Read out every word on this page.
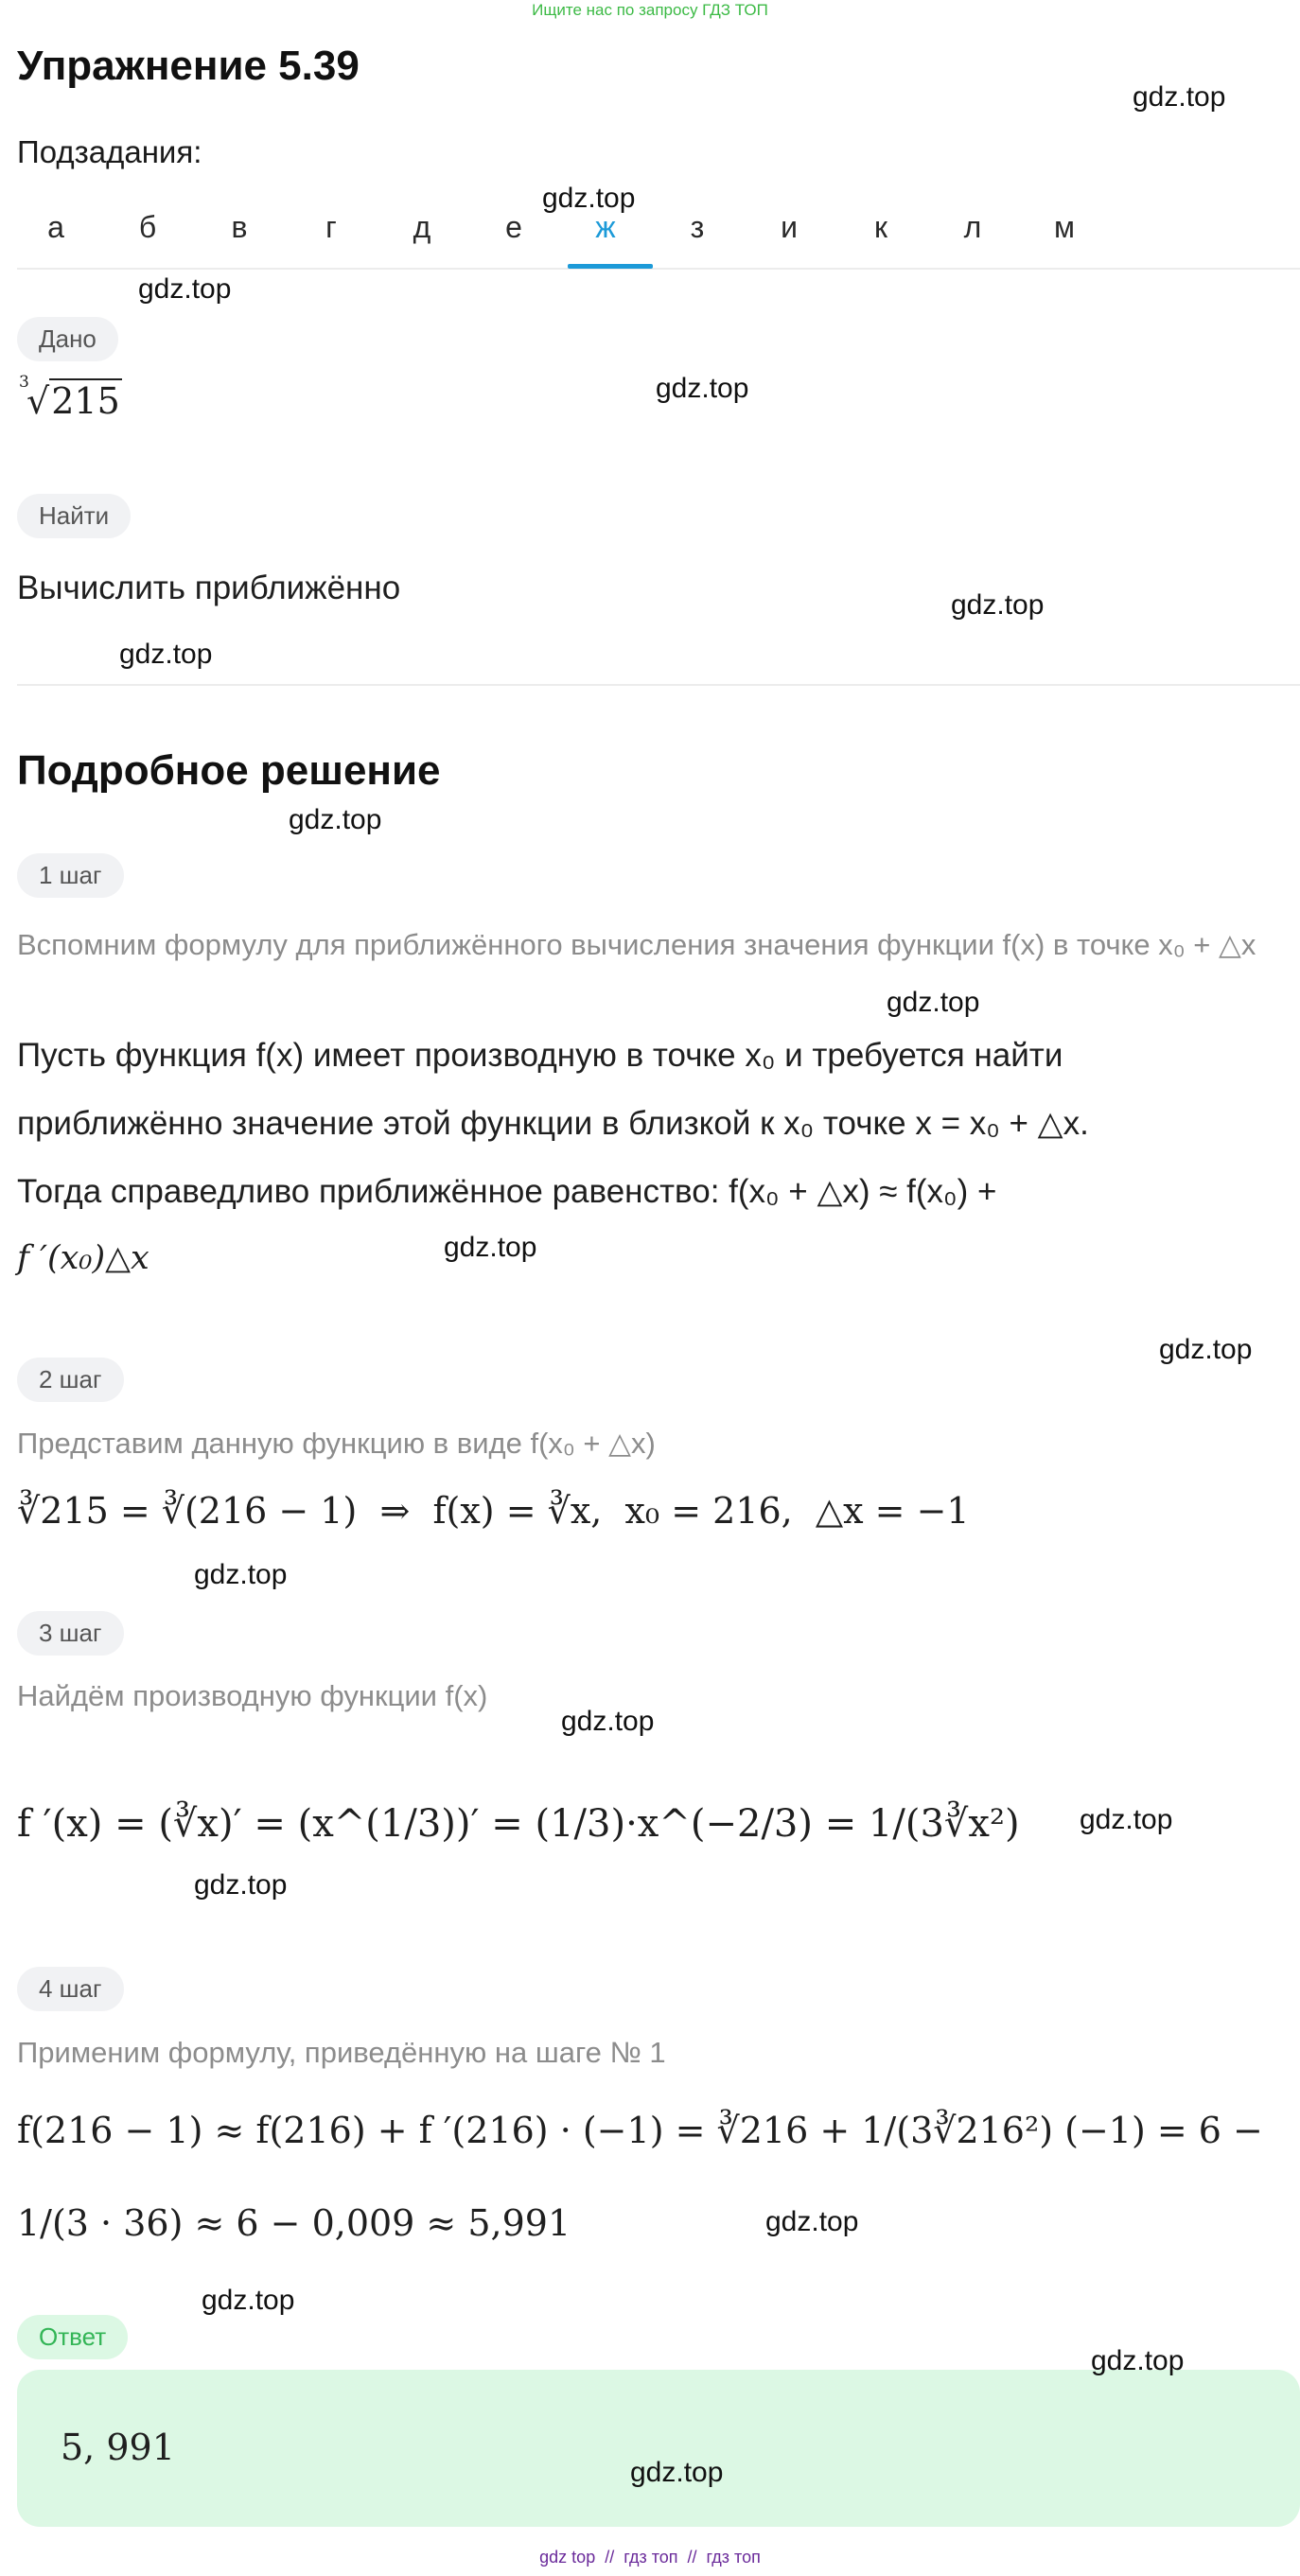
Ищите нас по запросу ГДЗ ТОП
Упражнение 5.39
Подзадания:
а	б	в	г	д	е	ж	з	и	к	л	м
Дано
3
√215
Найти
Вычислить приближённо
Подробное решение
1 шаг
Вспомним формулу для приближённого вычисления значения функции f(x) в точке x₀ + △x
Пусть функция f(x) имеет производную в точке x₀ и требуется найти
приближённо значение этой функции в близкой к x₀ точке x = x₀ + △x.
Тогда справедливо приближённое равенство: f(x₀ + △x) ≈ f(x₀) +
f ′(x₀)△x
2 шаг
Представим данную функцию в виде f(x₀ + △x)
∛215 = ∛(216 − 1)  ⇒  f(x) = ∛x,  x₀ = 216,  △x = −1
3 шаг
Найдём производную функции f(x)
f ′(x) = (∛x)′ = (x^(1/3))′ = (1/3)·x^(−2/3) = 1/(3∛x²)
4 шаг
Применим формулу, приведённую на шаге № 1
f(216 − 1) ≈ f(216) + f ′(216) · (−1) = ∛216 + 1/(3∛216²) (−1) = 6 −
1/(3 · 36) ≈ 6 − 0,009 ≈ 5,991
Ответ
5, 991
gdz.top
gdz.top
gdz.top
gdz.top
gdz.top
gdz.top
gdz.top
gdz.top
gdz.top
gdz.top
gdz.top
gdz.top
gdz.top
gdz.top
gdz.top
gdz.top
gdz.top
gdz.top
gdz top  //  гдз топ  //  гдз топ
